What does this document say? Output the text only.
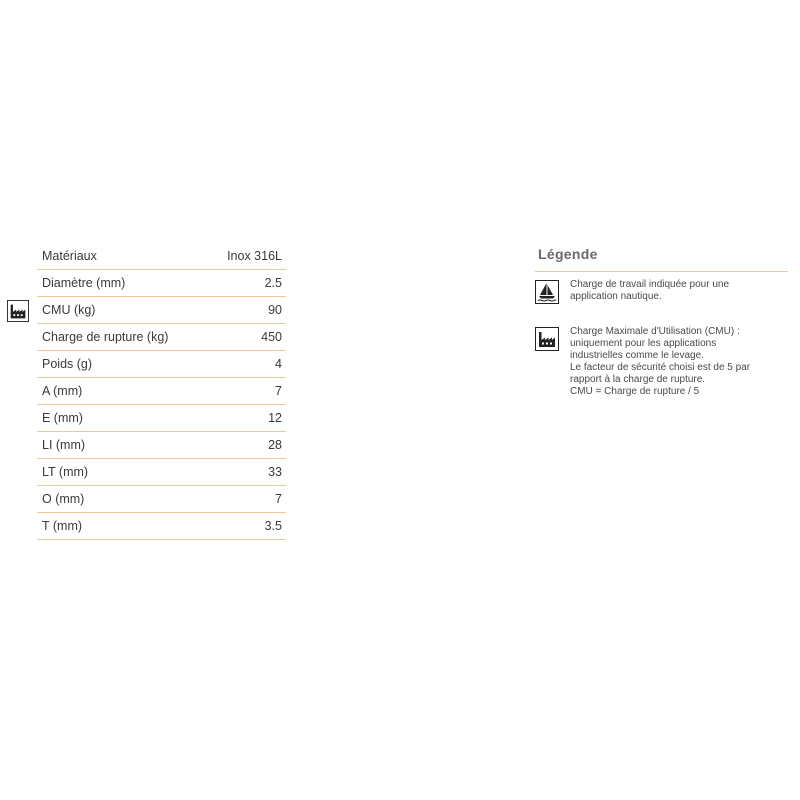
Matériaux	Inox 316L
Diamètre (mm)	2.5
CMU (kg)	90
Charge de rupture (kg)	450
Poids (g)	4
A (mm)	7
E (mm)	12
LI (mm)	28
LT (mm)	33
O (mm)	7
T (mm)	3.5
Légende
Charge de travail indiquée pour une
application nautique.
Charge Maximale d'Utilisation (CMU) :
uniquement pour les applications
industrielles comme le levage.
Le facteur de sécurité choisi est de 5 par
rapport à la charge de rupture.
CMU = Charge de rupture / 5
